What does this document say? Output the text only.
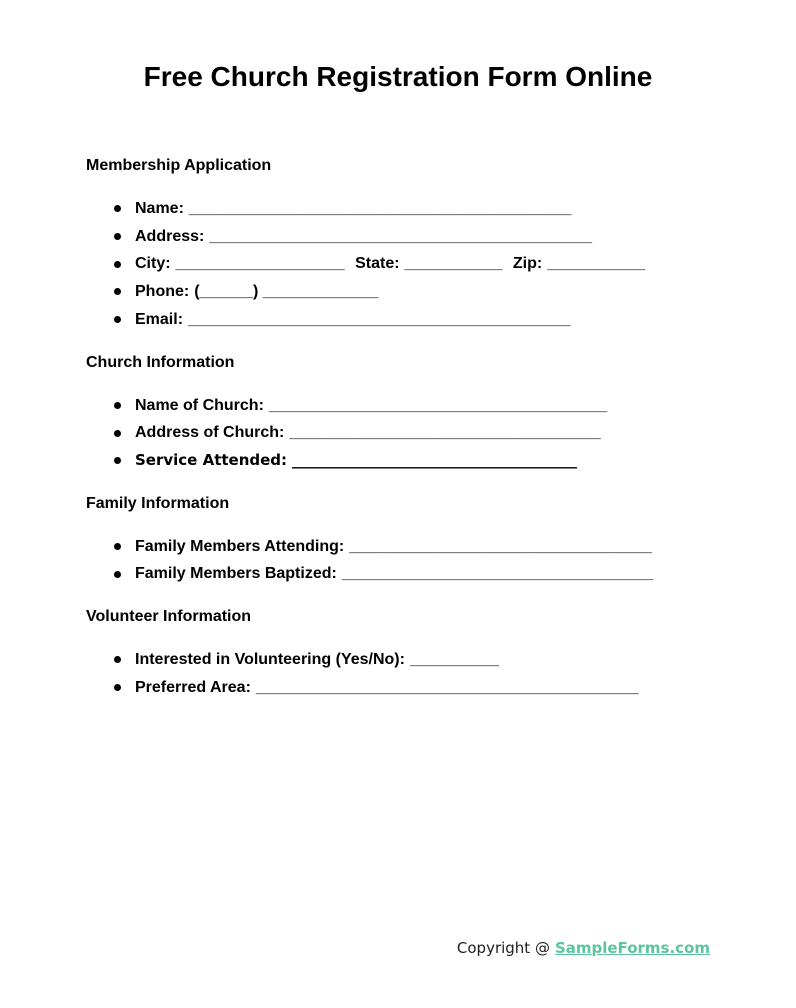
Free Church Registration Form Online
Membership Application
Name: ___________________________________________
Address: ___________________________________________
City: ___________________ State: ___________ Zip: ___________
Phone: (______) _____________
Email: ___________________________________________
Church Information
Name of Church: ______________________________________
Address of Church: ___________________________________
Service Attended: ______________________________________
Family Information
Family Members Attending: __________________________________
Family Members Baptized: ___________________________________
Volunteer Information
Interested in Volunteering (Yes/No): __________
Preferred Area: ___________________________________________
Copyright @ SampleForms.com
